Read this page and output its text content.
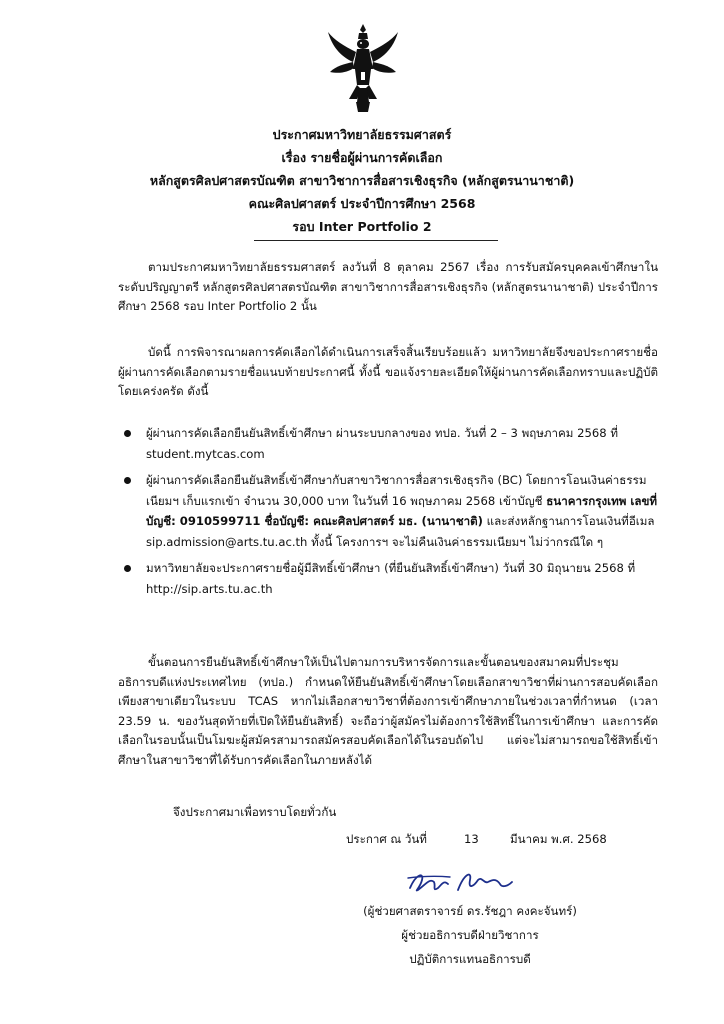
ประกาศมหาวิทยาลัยธรรมศาสตร์
เรื่อง รายชื่อผู้ผ่านการคัดเลือก
หลักสูตรศิลปศาสตรบัณฑิต สาขาวิชาการสื่อสารเชิงธุรกิจ (หลักสูตรนานาชาติ)
คณะศิลปศาสตร์ ประจำปีการศึกษา 2568
รอบ Inter Portfolio 2
ตามประกาศมหาวิทยาลัยธรรมศาสตร์ ลงวันที่ 8 ตุลาคม 2567 เรื่อง การรับสมัครบุคคลเข้าศึกษาในระดับปริญญาตรี หลักสูตรศิลปศาสตรบัณฑิต สาขาวิชาการสื่อสารเชิงธุรกิจ (หลักสูตรนานาชาติ) ประจำปีการศึกษา 2568 รอบ Inter Portfolio 2 นั้น
บัดนี้ การพิจารณาผลการคัดเลือกได้ดำเนินการเสร็จสิ้นเรียบร้อยแล้ว มหาวิทยาลัยจึงขอประกาศรายชื่อผู้ผ่านการคัดเลือกตามรายชื่อแนบท้ายประกาศนี้ ทั้งนี้ ขอแจ้งรายละเอียดให้ผู้ผ่านการคัดเลือกทราบและปฏิบัติโดยเคร่งครัด ดังนี้
ผู้ผ่านการคัดเลือกยืนยันสิทธิ์เข้าศึกษา ผ่านระบบกลางของ ทปอ. วันที่ 2 – 3 พฤษภาคม 2568 ที่ student.mytcas.com
ผู้ผ่านการคัดเลือกยืนยันสิทธิ์เข้าศึกษากับสาขาวิชาการสื่อสารเชิงธุรกิจ (BC) โดยการโอนเงินค่าธรรมเนียมฯ เก็บแรกเข้า จำนวน 30,000 บาท ในวันที่ 16 พฤษภาคม 2568 เข้าบัญชี ธนาคารกรุงเทพ เลขที่บัญชี: 0910599711 ชื่อบัญชี: คณะศิลปศาสตร์ มธ. (นานาชาติ) และส่งหลักฐานการโอนเงินที่อีเมล sip.admission@arts.tu.ac.th ทั้งนี้ โครงการฯ จะไม่คืนเงินค่าธรรมเนียมฯ ไม่ว่ากรณีใด ๆ
มหาวิทยาลัยจะประกาศรายชื่อผู้มีสิทธิ์เข้าศึกษา (ที่ยืนยันสิทธิ์เข้าศึกษา) วันที่ 30 มิถุนายน 2568 ที่ http://sip.arts.tu.ac.th
ขั้นตอนการยืนยันสิทธิ์เข้าศึกษาให้เป็นไปตามการบริหารจัดการและขั้นตอนของสมาคมที่ประชุมอธิการบดีแห่งประเทศไทย (ทปอ.) กำหนดให้ยืนยันสิทธิ์เข้าศึกษาโดยเลือกสาขาวิชาที่ผ่านการสอบคัดเลือกเพียงสาขาเดียวในระบบ TCAS หากไม่เลือกสาขาวิชาที่ต้องการเข้าศึกษาภายในช่วงเวลาที่กำหนด (เวลา 23.59 น. ของวันสุดท้ายที่เปิดให้ยืนยันสิทธิ์) จะถือว่าผู้สมัครไม่ต้องการใช้สิทธิ์ในการเข้าศึกษา และการคัดเลือกในรอบนั้นเป็นโมฆะผู้สมัครสามารถสมัครสอบคัดเลือกได้ในรอบถัดไป แต่จะไม่สามารถขอใช้สิทธิ์เข้าศึกษาในสาขาวิชาที่ได้รับการคัดเลือกในภายหลังได้
จึงประกาศมาเพื่อทราบโดยทั่วกัน
ประกาศ ณ วันที่	13	มีนาคม พ.ศ. 2568
(ผู้ช่วยศาสตราจารย์ ดร.รัชฎา คงคะจันทร์)
ผู้ช่วยอธิการบดีฝ่ายวิชาการ
ปฏิบัติการแทนอธิการบดี
